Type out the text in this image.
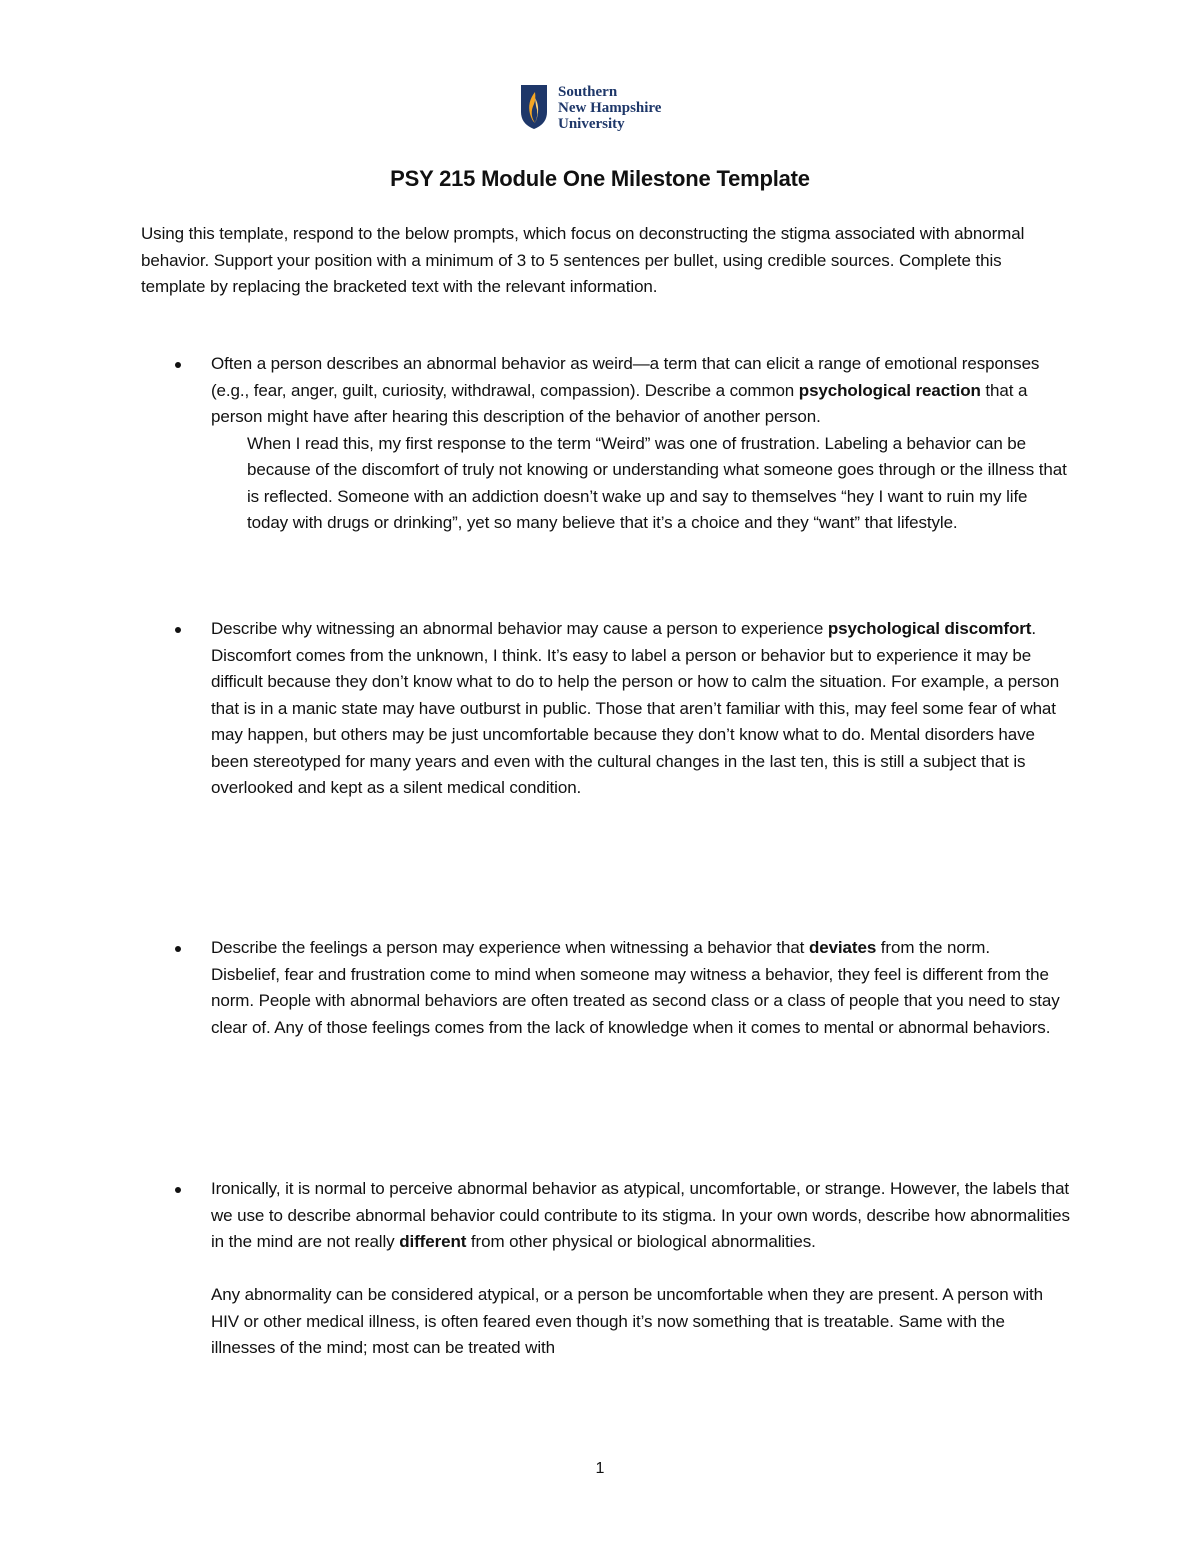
Southern
New Hampshire
University
PSY 215 Module One Milestone Template

Using this template, respond to the below prompts, which focus on deconstructing the stigma associated with abnormal behavior. Support your position with a minimum of 3 to 5 sentences per bullet, using credible sources. Complete this template by replacing the bracketed text with the relevant information.

Often a person describes an abnormal behavior as weird—a term that can elicit a range of emotional responses (e.g., fear, anger, guilt, curiosity, withdrawal, compassion). Describe a common psychological reaction that a person might have after hearing this description of the behavior of another person.

When I read this, my first response to the term “Weird” was one of frustration. Labeling a behavior can be because of the discomfort of truly not knowing or understanding what someone goes through or the illness that is reflected. Someone with an addiction doesn’t wake up and say to themselves “hey I want to ruin my life today with drugs or drinking”, yet so many believe that it’s a choice and they “want” that lifestyle.

Describe why witnessing an abnormal behavior may cause a person to experience psychological discomfort.

Discomfort comes from the unknown, I think. It’s easy to label a person or behavior but to experience it may be difficult because they don’t know what to do to help the person or how to calm the situation. For example, a person that is in a manic state may have outburst in public. Those that aren’t familiar with this, may feel some fear of what may happen, but others may be just uncomfortable because they don’t know what to do. Mental disorders have been stereotyped for many years and even with the cultural changes in the last ten, this is still a subject that is overlooked and kept as a silent medical condition.

Describe the feelings a person may experience when witnessing a behavior that deviates from the norm.

Disbelief, fear and frustration come to mind when someone may witness a behavior, they feel is different from the norm. People with abnormal behaviors are often treated as second class or a class of people that you need to stay clear of. Any of those feelings comes from the lack of knowledge when it comes to mental or abnormal behaviors.

Ironically, it is normal to perceive abnormal behavior as atypical, uncomfortable, or strange. However, the labels that we use to describe abnormal behavior could contribute to its stigma. In your own words, describe how abnormalities in the mind are not really different from other physical or biological abnormalities.

Any abnormality can be considered atypical, or a person be uncomfortable when they are present. A person with HIV or other medical illness, is often feared even though it’s now something that is treatable. Same with the illnesses of the mind; most can be treated with

1
